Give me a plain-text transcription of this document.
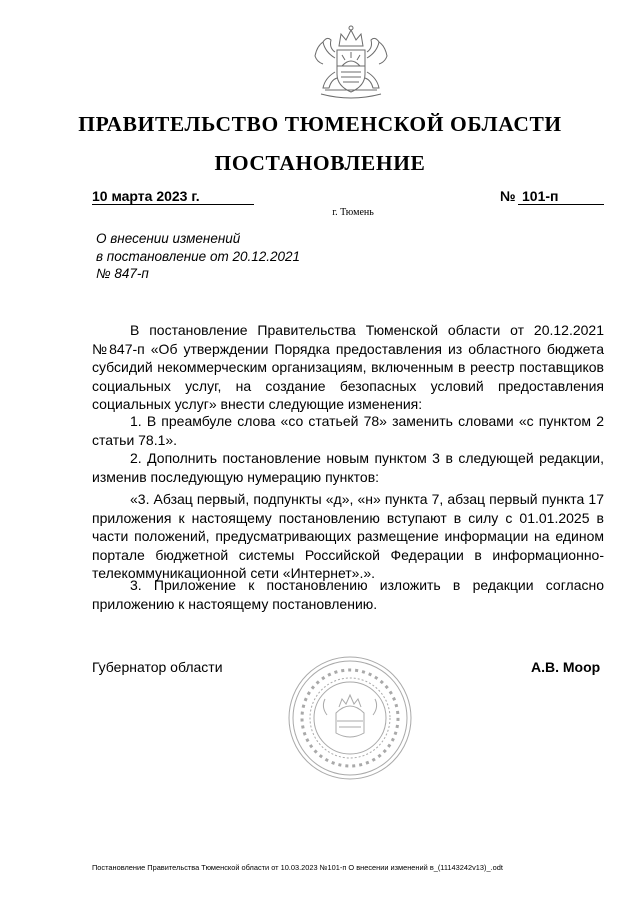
ПРАВИТЕЛЬСТВО ТЮМЕНСКОЙ ОБЛАСТИ
ПОСТАНОВЛЕНИЕ
10 марта 2023 г.	№ 101-п
г. Тюмень
О внесении изменений
в постановление от 20.12.2021
№ 847-п
В постановление Правительства Тюменской области от 20.12.2021 №847-п «Об утверждении Порядка предоставления из областного бюджета субсидий некоммерческим организациям, включенным в реестр поставщиков социальных услуг, на создание безопасных условий предоставления социальных услуг» внести следующие изменения:
1. В преамбуле слова «со статьей 78» заменить словами «с пунктом 2 статьи 78.1».
2. Дополнить постановление новым пунктом 3 в следующей редакции, изменив последующую нумерацию пунктов:
«3. Абзац первый, подпункты «д», «н» пункта 7, абзац первый пункта 17 приложения к настоящему постановлению вступают в силу с 01.01.2025 в части положений, предусматривающих размещение информации на едином портале бюджетной системы Российской Федерации в информационно-телекоммуникационной сети «Интернет».».
3. Приложение к постановлению изложить в редакции согласно приложению к настоящему постановлению.
Губернатор области	А.В. Моор
Постановление Правительства Тюменской области от 10.03.2023 №101-п О внесении изменений в_(11143242v13)_.odt
